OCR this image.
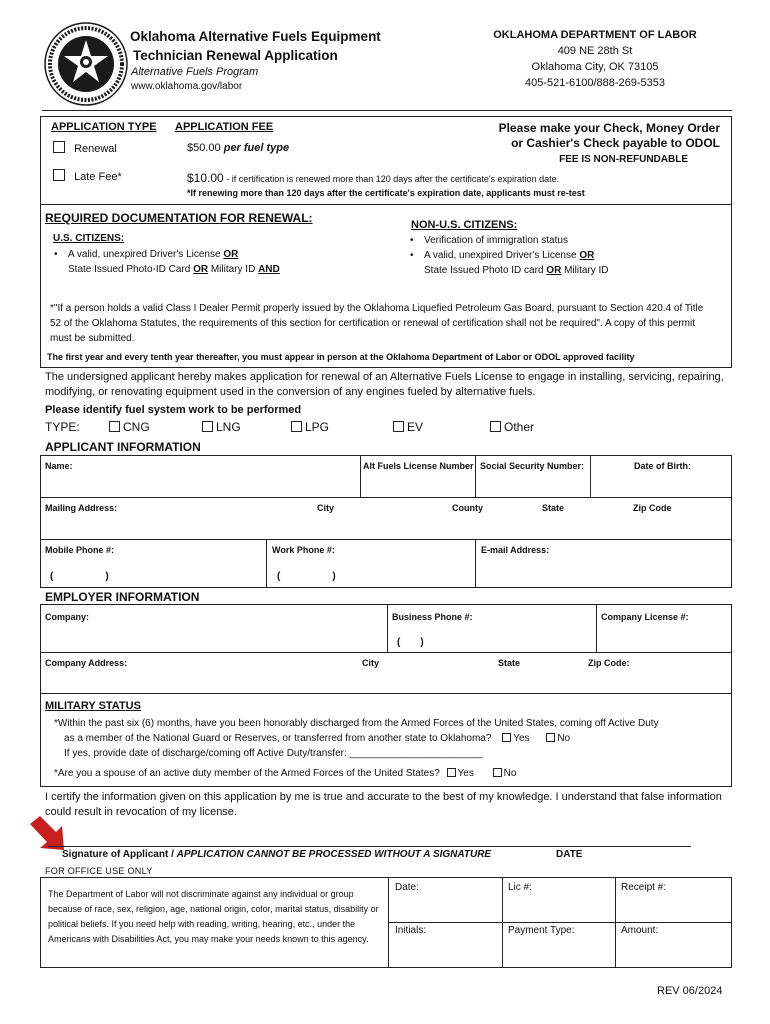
Oklahoma Alternative Fuels Equipment
Technician Renewal Application
Alternative Fuels Program
www.oklahoma.gov/labor
OKLAHOMA DEPARTMENT OF LABOR
409 NE 28th St
Oklahoma City, OK 73105
405-521-6100/888-269-5353
APPLICATION TYPE APPLICATION FEE
Renewal	$50.00 per fuel type
Late Fee*	$10.00 - if certification is renewed more than 120 days after the certificate's expiration date.
*If renewing more than 120 days after the certificate's expiration date, applicants must re-test
Please make your Check, Money Order
or Cashier's Check payable to ODOL
FEE IS NON-REFUNDABLE
REQUIRED DOCUMENTATION FOR RENEWAL:
U.S. CITIZENS:
• A valid, unexpired Driver's License OR
State Issued Photo-ID Card OR Military ID AND
NON-U.S. CITIZENS:
• Verification of immigration status
• A valid, unexpired Driver's License OR
State Issued Photo ID card OR Military ID
*"If a person holds a valid Class I Dealer Permit properly issued by the Oklahoma Liquefied Petroleum Gas Board, pursuant to Section 420.4 of Title 52 of the Oklahoma Statutes, the requirements of this section for certification or renewal of certification shall not be required". A copy of this permit must be submitted.
The first year and every tenth year thereafter, you must appear in person at the Oklahoma Department of Labor or ODOL approved facility
The undersigned applicant hereby makes application for renewal of an Alternative Fuels License to engage in installing, servicing, repairing, modifying, or renovating equipment used in the conversion of any engines fueled by alternative fuels.
Please identify fuel system work to be performed
TYPE:	CNG	LNG	LPG	EV	Other
APPLICANT INFORMATION
Name:	Alt Fuels License Number Social Security Number:	Date of Birth:
Mailing Address:	City	County	State	Zip Code
Mobile Phone #:	Work Phone #:	E-mail Address:
(	)	(	)
EMPLOYER INFORMATION
Company:	Business Phone #:	Company License #:
( )
Company Address:	City	State	Zip Code:
MILITARY STATUS
*Within the past six (6) months, have you been honorably discharged from the Armed Forces of the United States, coming off Active Duty
as a member of the National Guard or Reserves, or transferred from another state to Oklahoma? Yes	No
If yes, provide date of discharge/coming off Active Duty/transfer: ________________________
*Are you a spouse of an active duty member of the Armed Forces of the United States? Yes	No
I certify the information given on this application by me is true and accurate to the best of my knowledge. I understand that false information could result in revocation of my license.
Signature of Applicant / APPLICATION CANNOT BE PROCESSED WITHOUT A SIGNATURE	DATE
FOR OFFICE USE ONLY
The Department of Labor will not discriminate against any individual or group because of race, sex, religion, age, national origin, color, marital status, disability or political beliefs. If you need help with reading, writing, hearing, etc., under the Americans with Disabilities Act, you may make your needs known to this agency.
Date:	Lic #:	Receipt #:
Initials:	Payment Type:	Amount:
REV 06/2024
